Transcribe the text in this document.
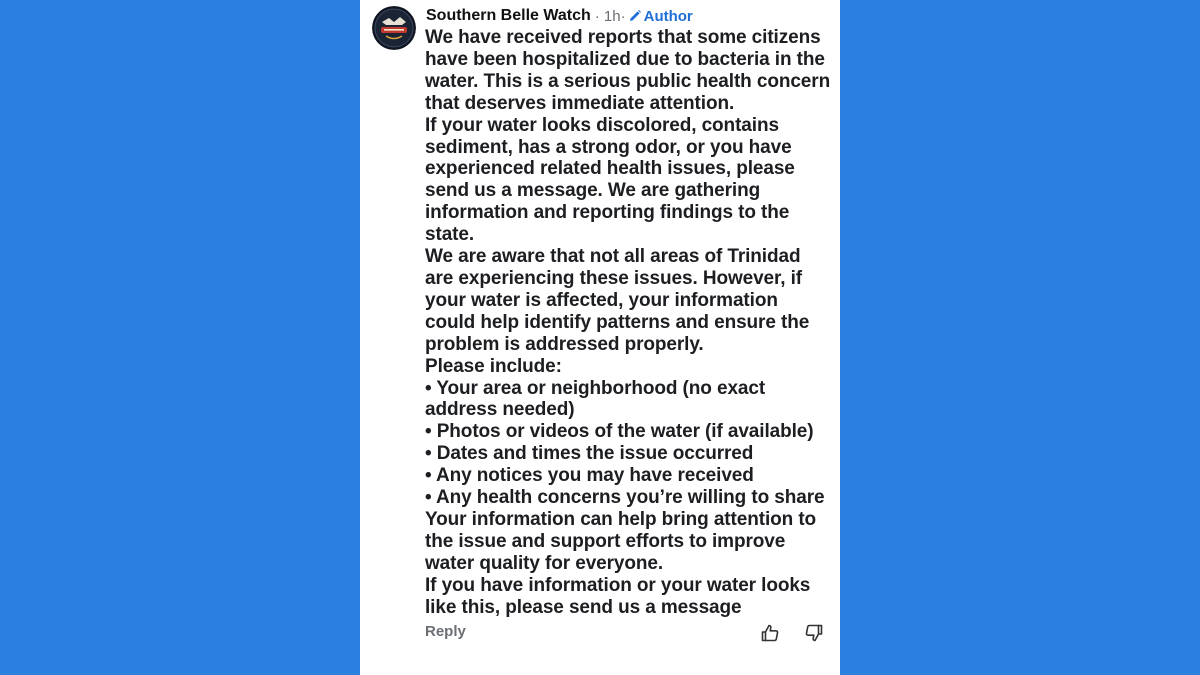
Southern Belle Watch · 1h· Author
We have received reports that some citizens
have been hospitalized due to bacteria in the
water. This is a serious public health concern
that deserves immediate attention.
If your water looks discolored, contains
sediment, has a strong odor, or you have
experienced related health issues, please
send us a message. We are gathering
information and reporting findings to the
state.
We are aware that not all areas of Trinidad
are experiencing these issues. However, if
your water is affected, your information
could help identify patterns and ensure the
problem is addressed properly.
Please include:
• Your area or neighborhood (no exact
address needed)
• Photos or videos of the water (if available)
• Dates and times the issue occurred
• Any notices you may have received
• Any health concerns you’re willing to share
Your information can help bring attention to
the issue and support efforts to improve
water quality for everyone.
If you have information or your water looks
like this, please send us a message
Reply
